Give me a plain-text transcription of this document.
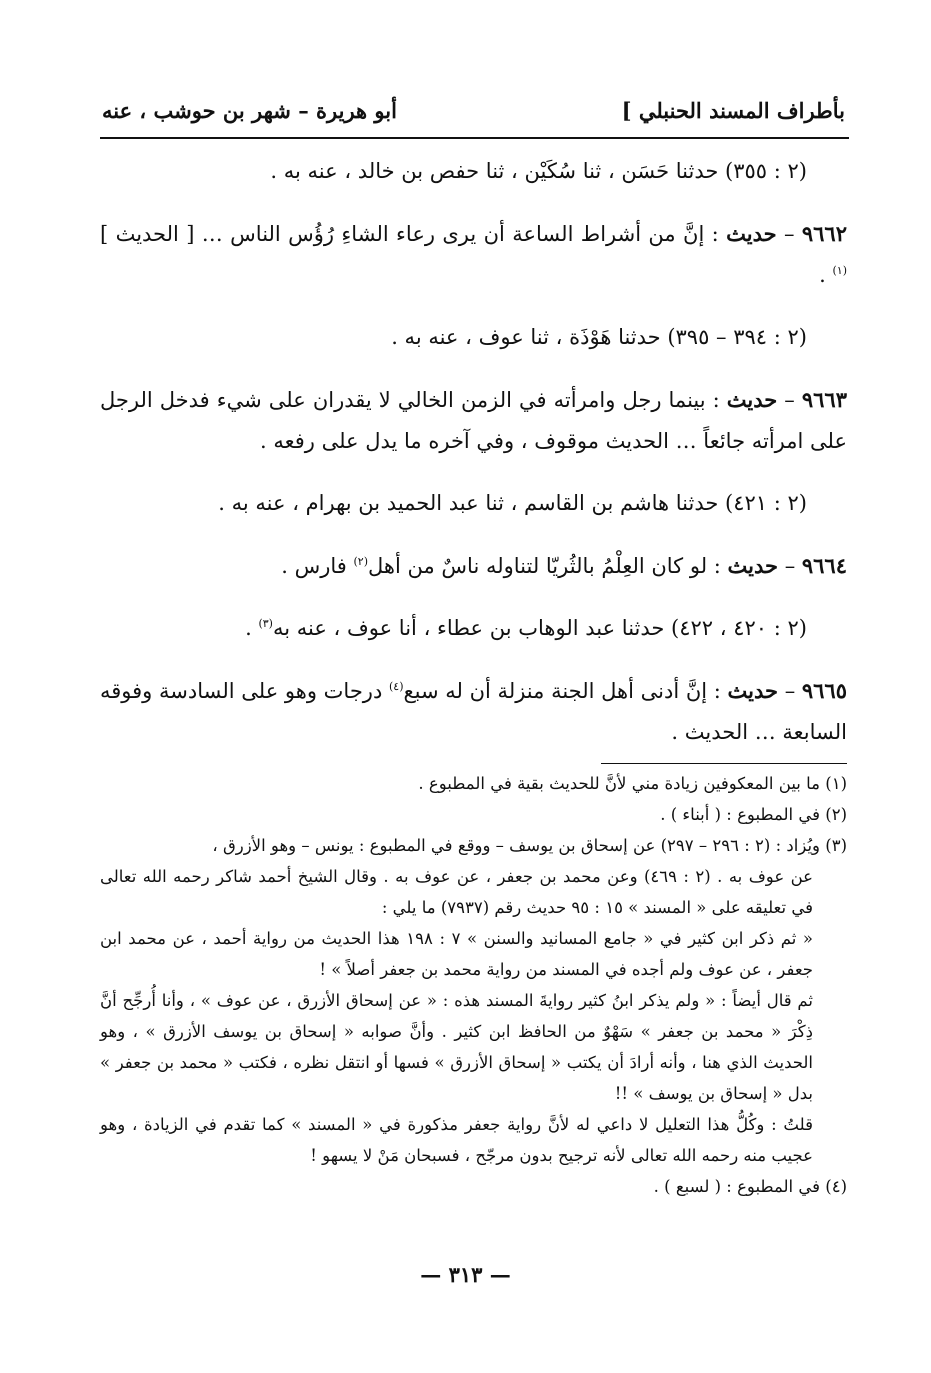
بأطراف المسند الحنبلي ]
أبو هريرة – شهر بن حوشب ، عنه

(٢ : ٣٥٥) حدثنا حَسَن ، ثنا سُكَيْن ، ثنا حفص بن خالد ، عنه به .

٩٦٦٢ – حديث : إنَّ من أشراط الساعة أن يرى رعاء الشاءِ رُؤُس الناس … [ الحديث ]$^{(١)}$ .

(٢ : ٣٩٤ – ٣٩٥) حدثنا هَوْذَة ، ثنا عوف ، عنه به .

٩٦٦٣ – حديث : بينما رجل وامرأته في الزمن الخالي لا يقدران على شيء فدخل الرجل على امرأته جائعاً … الحديث موقوف ، وفي آخره ما يدل على رفعه .

(٢ : ٤٢١) حدثنا هاشم بن القاسم ، ثنا عبد الحميد بن بهرام ، عنه به .

٩٦٦٤ – حديث : لو كان العِلْمُ بالثُريّا لتناوله ناسٌ من أهل$^{(٢)}$ فارس .

(٢ : ٤٢٠ ، ٤٢٢) حدثنا عبد الوهاب بن عطاء ، أنا عوف ، عنه به$^{(٣)}$ .

٩٦٦٥ – حديث : إنَّ أدنى أهل الجنة منزلة أن له سبع$^{(٤)}$ درجات وهو على السادسة وفوقه السابعة … الحديث .

(١) ما بين المعكوفين زيادة مني لأنَّ للحديث بقية في المطبوع .

(٢) في المطبوع : ( أبناء ) .

(٣) ويُزاد : (٢ : ٢٩٦ – ٢٩٧) عن إسحاق بن يوسف – ووقع في المطبوع : يونس – وهو الأزرق ،

عن عوف به . (٢ : ٤٦٩) وعن محمد بن جعفر ، عن عوف به . وقال الشيخ أحمد شاكر رحمه الله تعالى في تعليقه على « المسند » ١٥ : ٩٥ حديث رقم (٧٩٣٧) ما يلي :

« ثم ذكر ابن كثير في « جامع المسانيد والسنن » ٧ : ١٩٨ هذا الحديث من رواية أحمد ، عن محمد ابن جعفر ، عن عوف ولم أجده في المسند من رواية محمد بن جعفر أصلاً » !

ثم قال أيضاً : « ولم يذكر ابنُ كثير روايةَ المسند هذه : « عن إسحاق الأزرق ، عن عوف » ، وأنا أُرجِّح أنَّ ذِكْرَ « محمد بن جعفر » سَهْوٌ من الحافظ ابن كثير . وأنَّ صوابه « إسحاق بن يوسف الأزرق » ، وهو الحديث الذي هنا ، وأنه أرادَ أن يكتب « إسحاق الأزرق » فسها أو انتقل نظره ، فكتب « محمد بن جعفر » بدل « إسحاق بن يوسف » !!

قلتُ : وكُلُّ هذا التعليل لا داعي له لأنَّ رواية جعفر مذكورة في « المسند » كما تقدم في الزيادة ، وهو عجيب منه رحمه الله تعالى لأنه ترجيح بدون مرجّح ، فسبحان مَنْ لا يسهو !

(٤) في المطبوع : ( لسبع ) .

— ٣١٣ —
